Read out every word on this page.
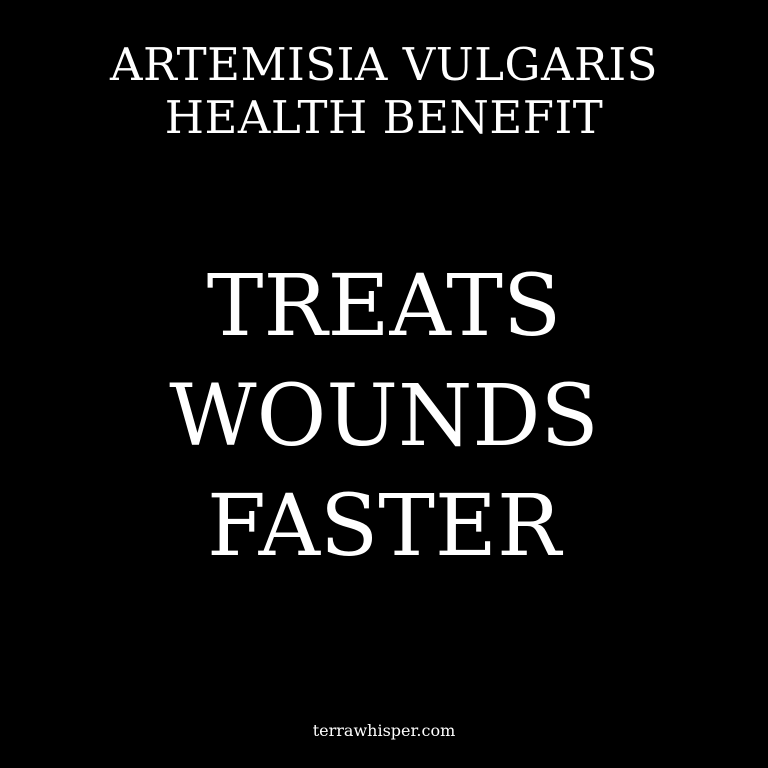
ARTEMISIA VULGARIS
HEALTH BENEFIT
TREATS
WOUNDS
FASTER
terrawhisper.com
